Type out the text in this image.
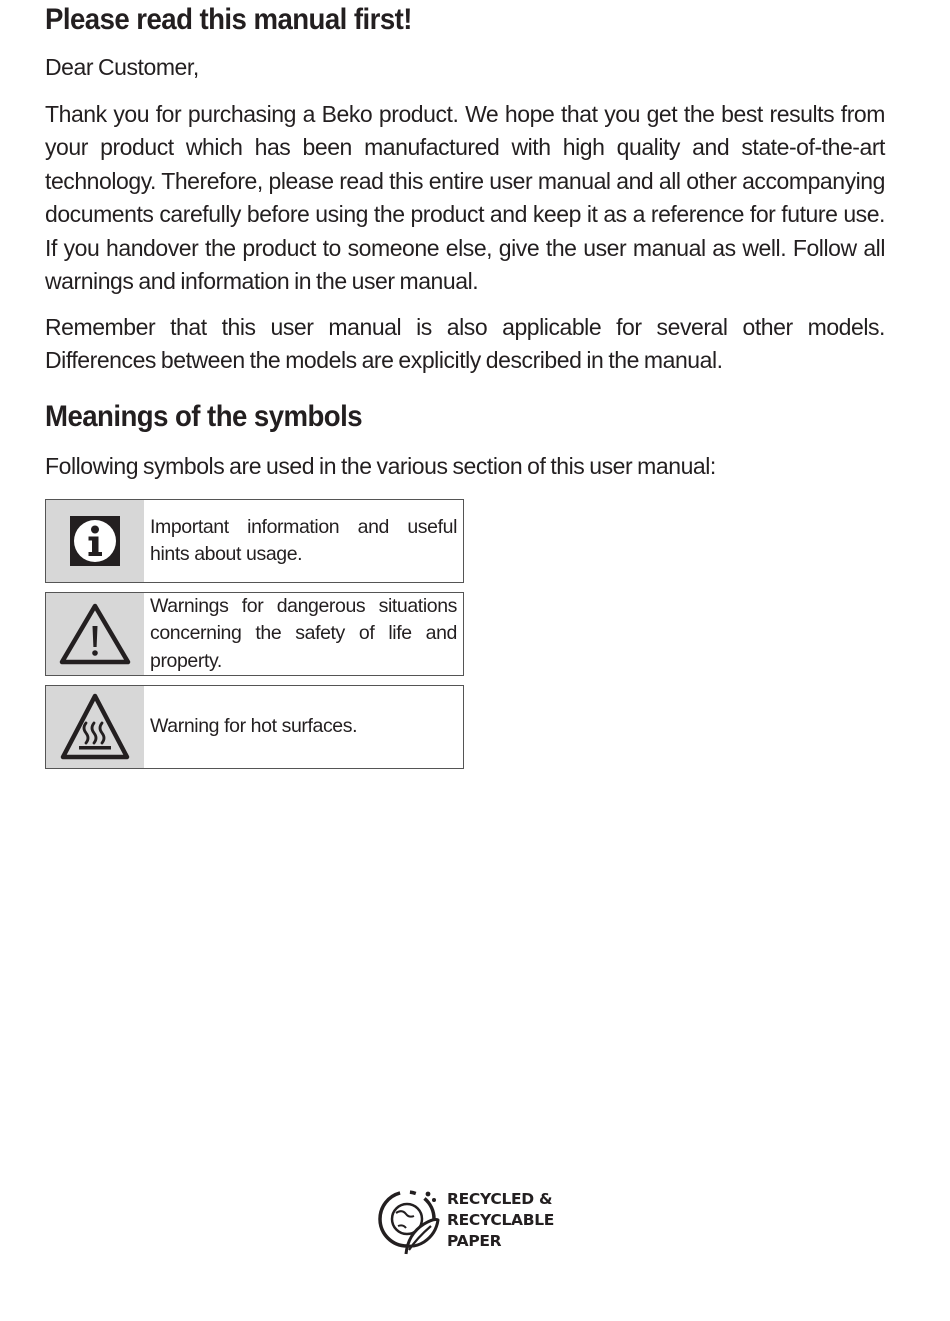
Please read this manual first!

Dear Customer,

Thank you for purchasing a Beko product. We hope that you get the best results from your product which has been manufactured with high quality and state-of-the-art technology. Therefore, please read this entire user manual and all other accompanying documents carefully before using the product and keep it as a reference for future use. If you handover the product to someone else, give the user manual as well. Follow all warnings and information in the user manual.

Remember that this user manual is also applicable for several other models. Differences between the models are explicitly described in the manual.

Meanings of the symbols

Following symbols are used in the various section of this user manual:

Important information and useful hints about usage.
Warnings for dangerous situations concerning the safety of life and property.
Warning for hot surfaces.
RECYCLED &
RECYCLABLE
PAPER
